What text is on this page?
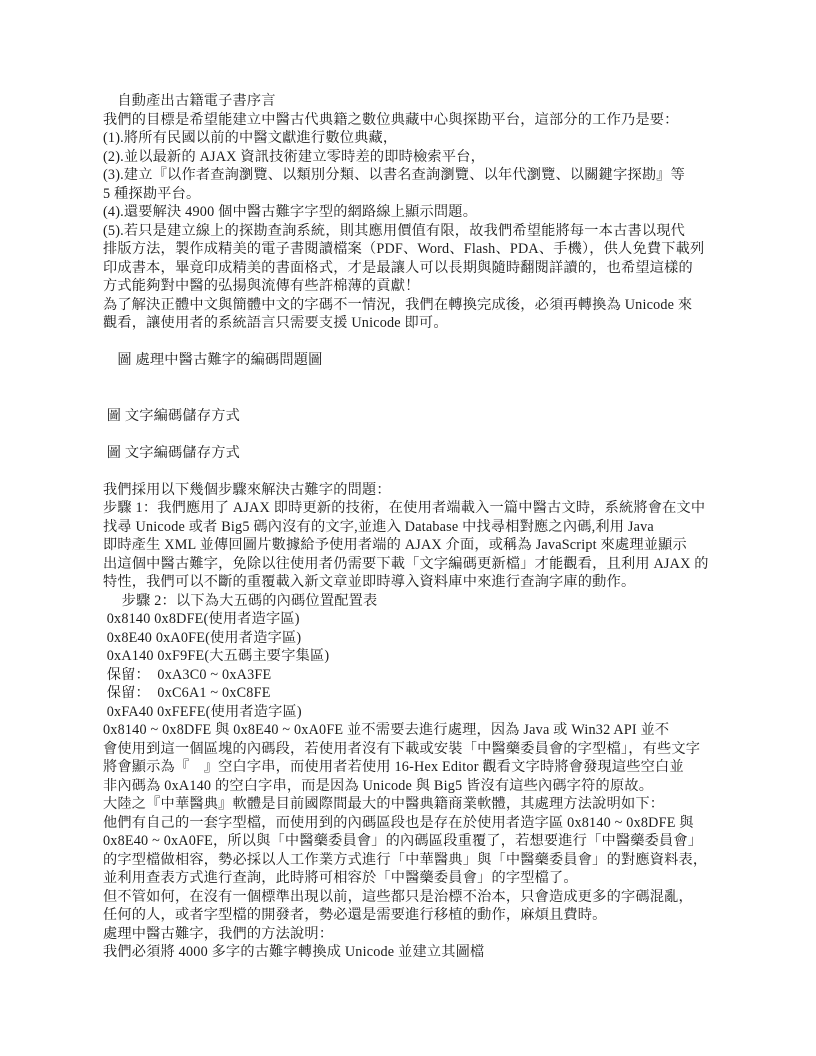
　自動產出古籍電子書序言
我們的目標是希望能建立中醫古代典籍之數位典藏中心與探勘平台，這部分的工作乃是要：
(1).將所有民國以前的中醫文獻進行數位典藏，
(2).並以最新的 AJAX 資訊技術建立零時差的即時檢索平台，
(3).建立『以作者查詢瀏覽、以類別分類、以書名查詢瀏覽、以年代瀏覽、以關鍵字探勘』等
5 種探勘平台。
(4).還要解決 4900 個中醫古難字字型的網路線上顯示問題。
(5).若只是建立線上的探勘查詢系統，則其應用價值有限，故我們希望能將每一本古書以現代
排版方法，製作成精美的電子書閱讀檔案（PDF、Word、Flash、PDA、手機），供人免費下載列
印成書本，畢竟印成精美的書面格式，才是最讓人可以長期與隨時翻閱詳讀的，也希望這樣的
方式能夠對中醫的弘揚與流傳有些許棉薄的貢獻！
為了解決正體中文與簡體中文的字碼不一情況，我們在轉換完成後，必須再轉換為 Unicode 來
觀看，讓使用者的系統語言只需要支援 Unicode 即可。
　圖 處理中醫古難字的編碼問題圖
圖 文字編碼儲存方式
圖 文字編碼儲存方式
我們採用以下幾個步驟來解決古難字的問題：
步驟 1：我們應用了 AJAX 即時更新的技術，在使用者端載入一篇中醫古文時，系統將會在文中
找尋 Unicode 或者 Big5 碼內沒有的文字,並進入 Database 中找尋相對應之內碼,利用 Java
即時產生 XML 並傳回圖片數據給予使用者端的 AJAX 介面，或稱為 JavaScript 來處理並顯示
出這個中醫古難字，免除以往使用者仍需要下載「文字編碼更新檔」才能觀看，且利用 AJAX 的
特性，我們可以不斷的重覆載入新文章並即時導入資料庫中來進行查詢字庫的動作。
步驟 2：以下為大五碼的內碼位置配置表
0x8140 0x8DFE(使用者造字區)
0x8E40 0xA0FE(使用者造字區)
0xA140 0xF9FE(大五碼主要字集區)
保留：  0xA3C0 ~ 0xA3FE
保留：  0xC6A1 ~ 0xC8FE
0xFA40 0xFEFE(使用者造字區)
0x8140 ~ 0x8DFE 與 0x8E40 ~ 0xA0FE 並不需要去進行處理，因為 Java 或 Win32 API 並不
會使用到這一個區塊的內碼段，若使用者沒有下載或安裝「中醫藥委員會的字型檔」，有些文字
將會顯示為『　』空白字串，而使用者若使用 16-Hex Editor 觀看文字時將會發現這些空白並
非內碼為 0xA140 的空白字串，而是因為 Unicode 與 Big5 皆沒有這些內碼字符的原故。
大陸之『中華醫典』軟體是目前國際間最大的中醫典籍商業軟體，其處理方法說明如下：
他們有自己的一套字型檔，而使用到的內碼區段也是存在於使用者造字區 0x8140 ~ 0x8DFE 與
0x8E40 ~ 0xA0FE，所以與「中醫藥委員會」的內碼區段重覆了，若想要進行「中醫藥委員會」
的字型檔做相容，勢必採以人工作業方式進行「中華醫典」與「中醫藥委員會」的對應資料表，
並利用查表方式進行查詢，此時將可相容於「中醫藥委員會」的字型檔了。
但不管如何，在沒有一個標準出現以前，這些都只是治標不治本，只會造成更多的字碼混亂，
任何的人，或者字型檔的開發者，勢必還是需要進行移植的動作，麻煩且費時。
處理中醫古難字，我們的方法說明：
我們必須將 4000 多字的古難字轉換成 Unicode 並建立其圖檔
